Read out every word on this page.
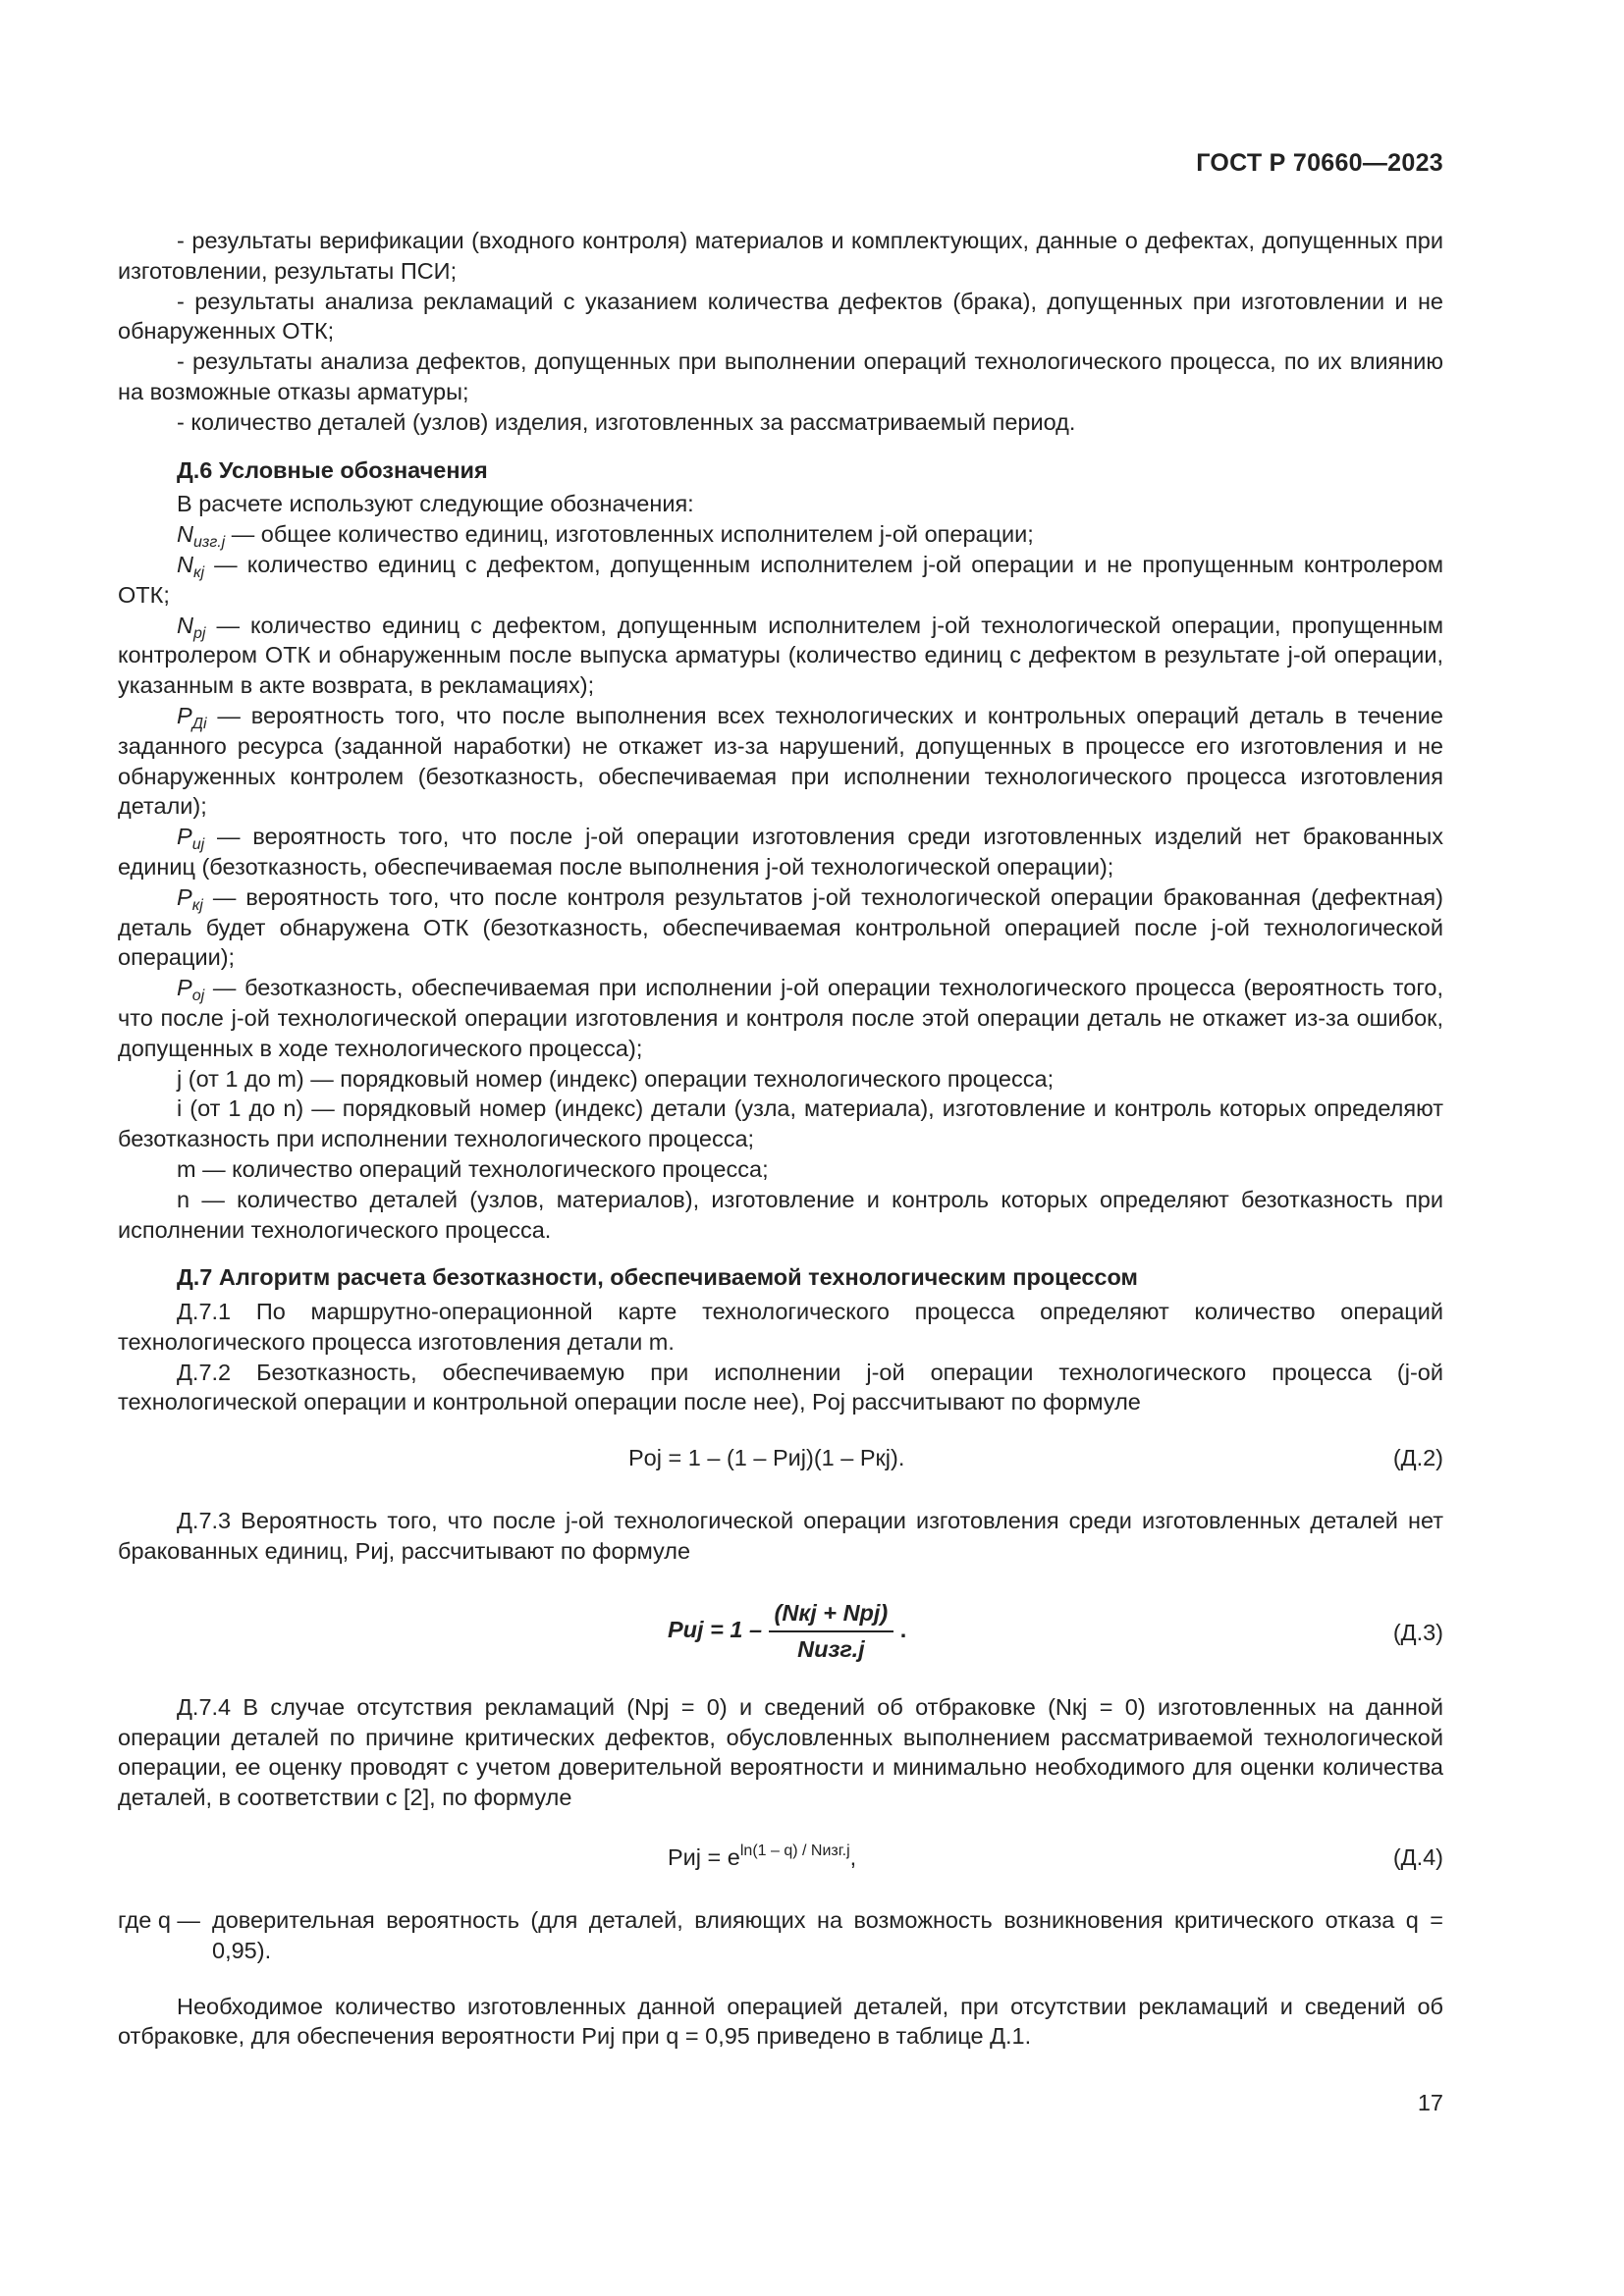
ГОСТ Р 70660—2023

- результаты верификации (входного контроля) материалов и комплектующих, данные о дефектах, допущенных при изготовлении, результаты ПСИ;

- результаты анализа рекламаций с указанием количества дефектов (брака), допущенных при изготовлении и не обнаруженных ОТК;

- результаты анализа дефектов, допущенных при выполнении операций технологического процесса, по их влиянию на возможные отказы арматуры;

- количество деталей (узлов) изделия, изготовленных за рассматриваемый период.

Д.6 Условные обозначения

В расчете используют следующие обозначения:

$N_{изг.j}$ — общее количество единиц, изготовленных исполнителем j-ой операции;

$N_{кj}$ — количество единиц с дефектом, допущенным исполнителем j-ой операции и не пропущенным контролером ОТК;

$N_{pj}$ — количество единиц с дефектом, допущенным исполнителем j-ой технологической операции, пропущенным контролером ОТК и обнаруженным после выпуска арматуры (количество единиц с дефектом в результате j-ой операции, указанным в акте возврата, в рекламациях);

$P_{Дi}$ — вероятность того, что после выполнения всех технологических и контрольных операций деталь в течение заданного ресурса (заданной наработки) не откажет из-за нарушений, допущенных в процессе его изготовления и не обнаруженных контролем (безотказность, обеспечиваемая при исполнении технологического процесса изготовления детали);

$P_{иj}$ — вероятность того, что после j-ой операции изготовления среди изготовленных изделий нет бракованных единиц (безотказность, обеспечиваемая после выполнения j-ой технологической операции);

$P_{кj}$ — вероятность того, что после контроля результатов j-ой технологической операции бракованная (дефектная) деталь будет обнаружена ОТК (безотказность, обеспечиваемая контрольной операцией после j-ой технологической операции);

$P_{oj}$ — безотказность, обеспечиваемая при исполнении j-ой операции технологического процесса (вероятность того, что после j-ой технологической операции изготовления и контроля после этой операции деталь не откажет из-за ошибок, допущенных в ходе технологического процесса);

j (от 1 до m) — порядковый номер (индекс) операции технологического процесса;

i (от 1 до n) — порядковый номер (индекс) детали (узла, материала), изготовление и контроль которых определяют безотказность при исполнении технологического процесса;

m — количество операций технологического процесса;

n — количество деталей (узлов, материалов), изготовление и контроль которых определяют безотказность при исполнении технологического процесса.

Д.7 Алгоритм расчета безотказности, обеспечиваемой технологическим процессом

Д.7.1 По маршрутно-операционной карте технологического процесса определяют количество операций технологического процесса изготовления детали m.

Д.7.2 Безотказность, обеспечиваемую при исполнении j-ой операции технологического процесса (j-ой технологической операции и контрольной операции после нее), Pоj рассчитывают по формуле

Pоj = 1 – (1 – Pиj)(1 – Pкj).	(Д.2)

Д.7.3 Вероятность того, что после j-ой технологической операции изготовления среди изготовленных деталей нет бракованных единиц, Pиj, рассчитывают по формуле

Pиj = $1 - \frac{\text{(Nкj + Npj)}}{\text{Nизг.j}}$ .	(Д.3)

Д.7.4 В случае отсутствия рекламаций (Npj = 0) и сведений об отбраковке (Nкj = 0) изготовленных на данной операции деталей по причине критических дефектов, обусловленных выполнением рассматриваемой технологической операции, ее оценку проводят с учетом доверительной вероятности и минимально необходимого для оценки количества деталей, в соответствии с [2], по формуле

Pиj = $e^{ln(1 - q) / Nизг.j}$,	(Д.4)
где q — доверительная вероятность (для деталей, влияющих на возможность возникновения критического отказа q = 0,95).

Необходимое количество изготовленных данной операцией деталей, при отсутствии рекламаций и сведений об отбраковке, для обеспечения вероятности Pиj при q = 0,95 приведено в таблице Д.1.

17
